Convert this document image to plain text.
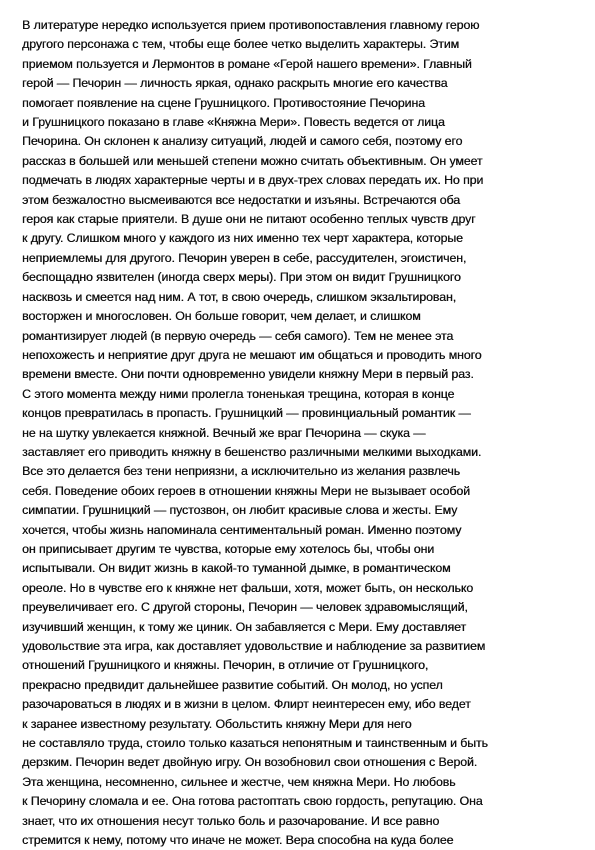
В литературе нередко используется прием противопоставления главному герою
другого персонажа с тем, чтобы еще более четко выделить характеры. Этим
приемом пользуется и Лермонтов в романе «Герой нашего времени». Главный
герой — Печорин — личность яркая, однако раскрыть многие его качества
помогает появление на сцене Грушницкого. Противостояние Печорина
и Грушницкого показано в главе «Княжна Мери». Повесть ведется от лица
Печорина. Он склонен к анализу ситуаций, людей и самого себя, поэтому его
рассказ в большей или меньшей степени можно считать объективным. Он умеет
подмечать в людях характерные черты и в двух-трех словах передать их. Но при
этом безжалостно высмеиваются все недостатки и изъяны. Встречаются оба
героя как старые приятели. В душе они не питают особенно теплых чувств друг
к другу. Слишком много у каждого из них именно тех черт характера, которые
неприемлемы для другого. Печорин уверен в себе, рассудителен, эгоистичен,
беспощадно язвителен (иногда сверх меры). При этом он видит Грушницкого
насквозь и смеется над ним. А тот, в свою очередь, слишком экзальтирован,
восторжен и многословен. Он больше говорит, чем делает, и слишком
романтизирует людей (в первую очередь — себя самого). Тем не менее эта
непохожесть и неприятие друг друга не мешают им общаться и проводить много
времени вместе. Они почти одновременно увидели княжну Мери в первый раз.
С этого момента между ними пролегла тоненькая трещина, которая в конце
концов превратилась в пропасть. Грушницкий — провинциальный романтик —
не на шутку увлекается княжной. Вечный же враг Печорина — скука —
заставляет его приводить княжну в бешенство различными мелкими выходками.
Все это делается без тени неприязни, а исключительно из желания развлечь
себя. Поведение обоих героев в отношении княжны Мери не вызывает особой
симпатии. Грушницкий — пустозвон, он любит красивые слова и жесты. Ему
хочется, чтобы жизнь напоминала сентиментальный роман. Именно поэтому
он приписывает другим те чувства, которые ему хотелось бы, чтобы они
испытывали. Он видит жизнь в какой-то туманной дымке, в романтическом
ореоле. Но в чувстве его к княжне нет фальши, хотя, может быть, он несколько
преувеличивает его. С другой стороны, Печорин — человек здравомыслящий,
изучивший женщин, к тому же циник. Он забавляется с Мери. Ему доставляет
удовольствие эта игра, как доставляет удовольствие и наблюдение за развитием
отношений Грушницкого и княжны. Печорин, в отличие от Грушницкого,
прекрасно предвидит дальнейшее развитие событий. Он молод, но успел
разочароваться в людях и в жизни в целом. Флирт неинтересен ему, ибо ведет
к заранее известному результату. Обольстить княжну Мери для него
не составляло труда, стоило только казаться непонятным и таинственным и быть
дерзким. Печорин ведет двойную игру. Он возобновил свои отношения с Верой.
Эта женщина, несомненно, сильнее и жестче, чем княжна Мери. Но любовь
к Печорину сломала и ее. Она готова растоптать свою гордость, репутацию. Она
знает, что их отношения несут только боль и разочарование. И все равно
стремится к нему, потому что иначе не может. Вера способна на куда более
